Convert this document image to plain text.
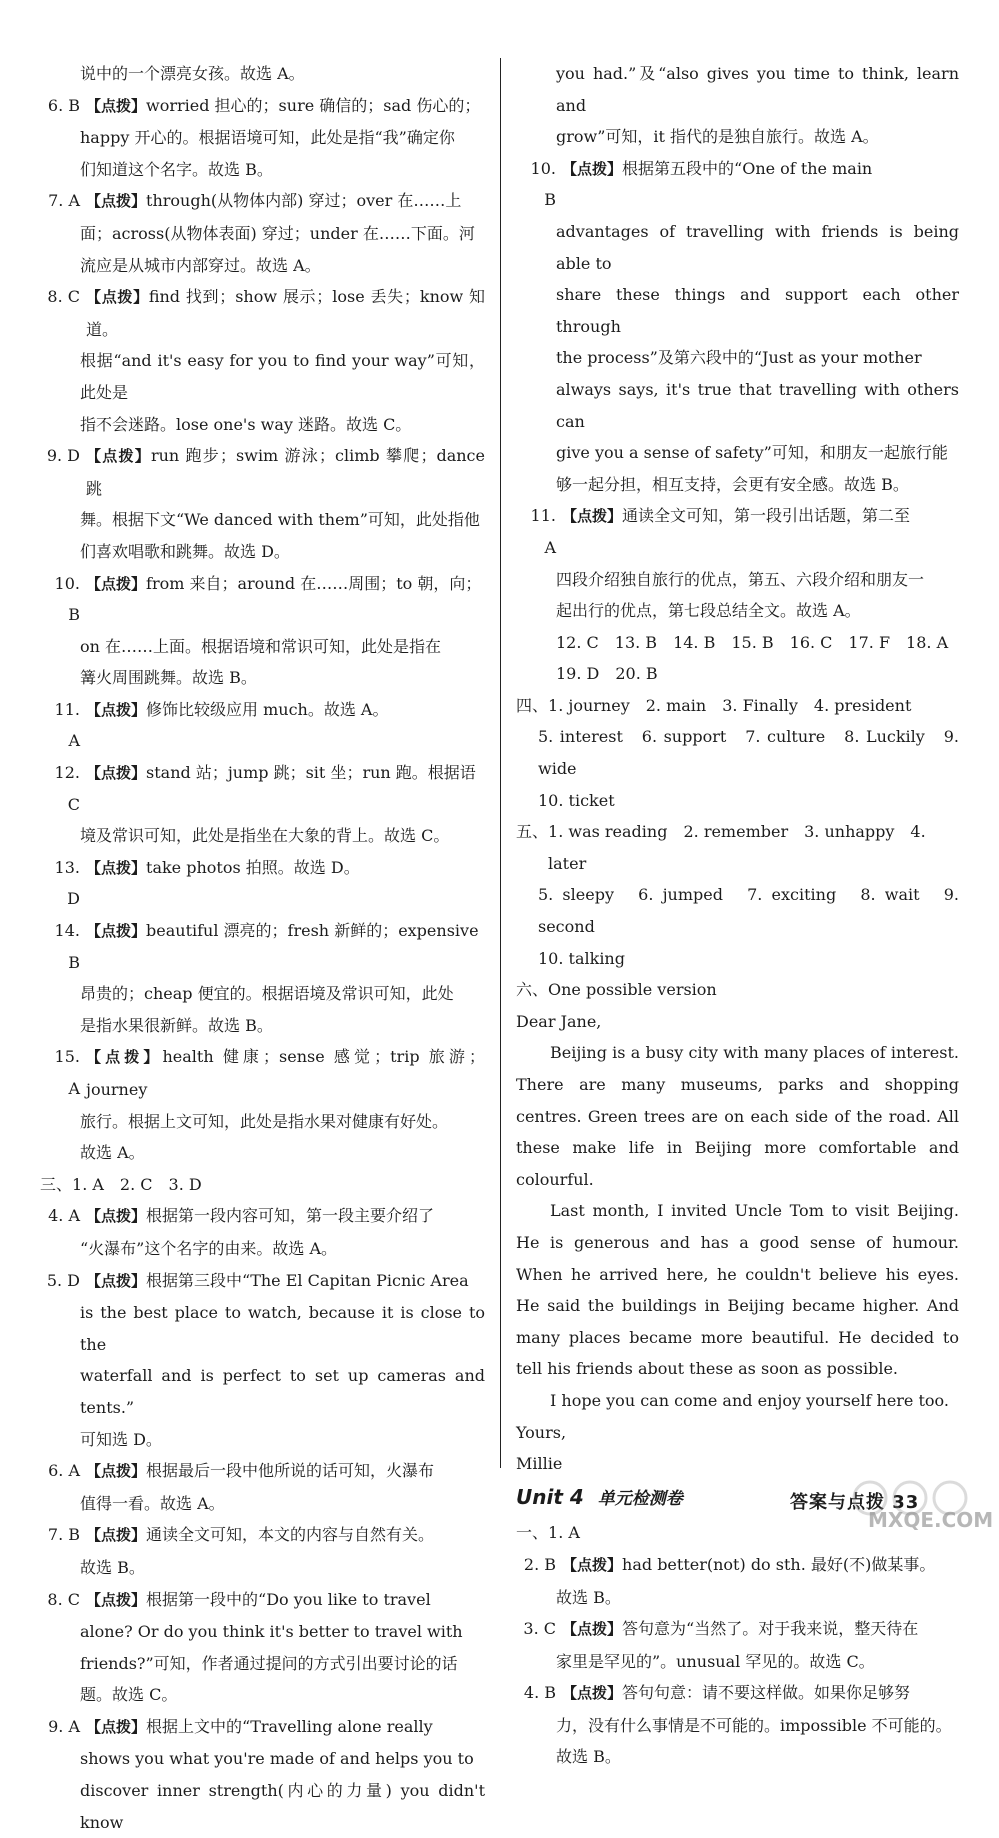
说中的一个漂亮女孩。故选 A。

6. B 【点拨】worried 担心的；sure 确信的；sad 伤心的；

happy 开心的。根据语境可知，此处是指“我”确定你

们知道这个名字。故选 B。

7. A 【点拨】through(从物体内部) 穿过；over 在……上

面；across(从物体表面) 穿过；under 在……下面。河

流应是从城市内部穿过。故选 A。

8. C 【点拨】find 找到；show 展示；lose 丢失；know 知道。

根据“and it's easy for you to find your way”可知，此处是

指不会迷路。lose one's way 迷路。故选 C。

9. D 【点拨】run 跑步；swim 游泳；climb 攀爬；dance 跳

舞。根据下文“We danced with them”可知，此处指他

们喜欢唱歌和跳舞。故选 D。

10. B
【点拨】from 来自；around 在……周围；to 朝，向；

on 在……上面。根据语境和常识可知，此处是指在

篝火周围跳舞。故选 B。

11. A
【点拨】修饰比较级应用 much。故选 A。
12. C
【点拨】stand 站；jump 跳；sit 坐；run 跑。根据语

境及常识可知，此处是指坐在大象的背上。故选 C。

13. D
【点拨】take photos 拍照。故选 D。
14. B
【点拨】beautiful 漂亮的；fresh 新鲜的；expensive

昂贵的；cheap 便宜的。根据语境及常识可知，此处

是指水果很新鲜。故选 B。

15. A
【点拨】health 健康；sense 感觉；trip 旅游；journey

旅行。根据上文可知，此处是指水果对健康有好处。

故选 A。

三、 1. A　2. C　3. D
4. A 【点拨】根据第一段内容可知，第一段主要介绍了

“火瀑布”这个名字的由来。故选 A。

5. D 【点拨】根据第三段中“The El Capitan Picnic Area

is the best place to watch, because it is close to the

waterfall and is perfect to set up cameras and tents.”

可知选 D。

6. A 【点拨】根据最后一段中他所说的话可知，火瀑布

值得一看。故选 A。

7. B 【点拨】通读全文可知，本文的内容与自然有关。

故选 B。

8. C 【点拨】根据第一段中的“Do you like to travel

alone? Or do you think it's better to travel with

friends?”可知，作者通过提问的方式引出要讨论的话

题。故选 C。

9. A 【点拨】根据上文中的“Travelling alone really

shows you what you're made of and helps you to

discover inner strength(内心的力量) you didn't know

you had.”及“also gives you time to think, learn and

grow”可知，it 指代的是独自旅行。故选 A。

10. B
【点拨】根据第五段中的“One of the main

advantages of travelling with friends is being able to

share these things and support each other through

the process”及第六段中的“Just as your mother

always says, it's true that travelling with others can

give you a sense of safety”可知，和朋友一起旅行能

够一起分担，相互支持，会更有安全感。故选 B。

11. A
【点拨】通读全文可知，第一段引出话题，第二至

四段介绍独自旅行的优点，第五、六段介绍和朋友一

起出行的优点，第七段总结全文。故选 A。

12. C　13. B　14. B　15. B　16. C　17. F　18. A

19. D　20. B

四、 1. journey　2. main　3. Finally　4. president

5. interest　6. support　7. culture　8. Luckily　9. wide

10. ticket

五、 1. was reading　2. remember　3. unhappy　4. later

5. sleepy　6. jumped　7. exciting　8. wait　9. second

10. talking

六、One possible version

Dear Jane,

Beijing is a busy city with many places of interest. There are many museums, parks and shopping centres. Green trees are on each side of the road. All these make life in Beijing more comfortable and colourful.

Last month, I invited Uncle Tom to visit Beijing. He is generous and has a good sense of humour. When he arrived here, he couldn't believe his eyes. He said the buildings in Beijing became higher. And many places became more beautiful. He decided to tell his friends about these as soon as possible.

I hope you can come and enjoy yourself here too.

Yours,

Millie

Unit 4 单元检测卷
一、 1. A
2. B 【点拨】had better(not) do sth. 最好(不)做某事。

故选 B。

3. C 【点拨】答句意为“当然了。对于我来说，整天待在

家里是罕见的”。unusual 罕见的。故选 C。

4. B 【点拨】答句句意：请不要这样做。如果你足够努

力，没有什么事情是不可能的。impossible 不可能的。

故选 B。

答案与点拨 33
MXQE.COM
